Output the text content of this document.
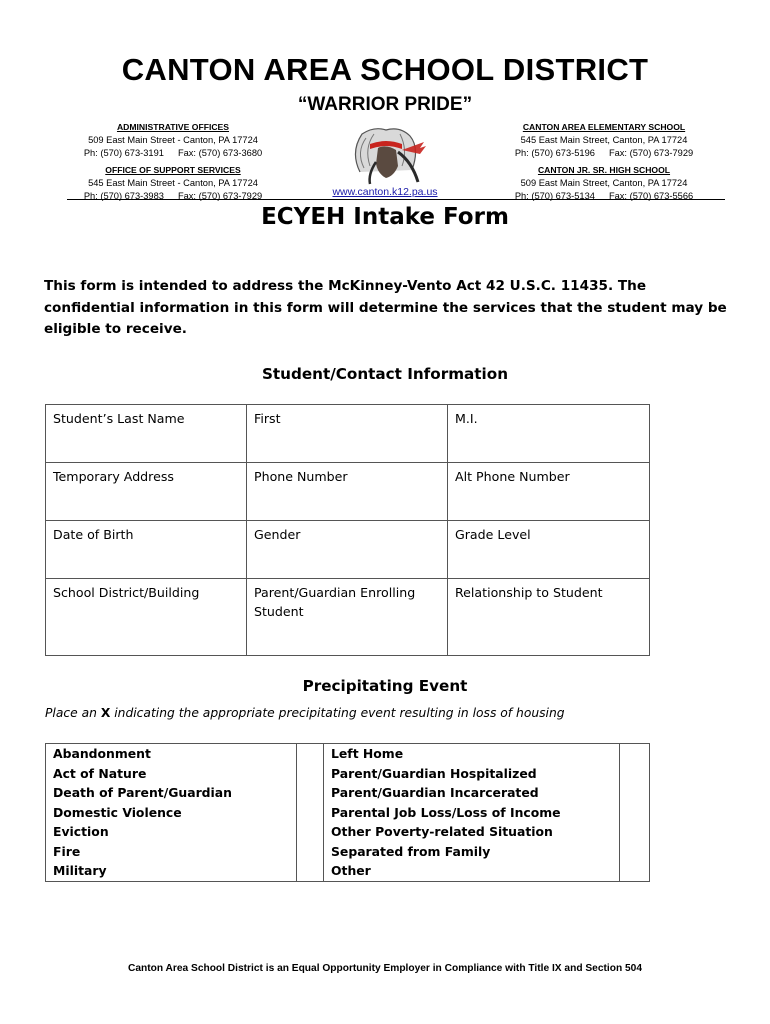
CANTON AREA SCHOOL DISTRICT

“WARRIOR PRIDE”

ADMINISTRATIVE OFFICES
509 East Main Street - Canton, PA 17724
Ph: (570) 673-3191 Fax: (570) 673-3680
OFFICE OF SUPPORT SERVICES
545 East Main Street - Canton, PA 17724
Ph: (570) 673-3983 Fax: (570) 673-7929
CANTON AREA ELEMENTARY SCHOOL
545 East Main Street, Canton, PA 17724
Ph: (570) 673-5196 Fax: (570) 673-7929
CANTON JR. SR. HIGH SCHOOL
509 East Main Street, Canton, PA 17724
Ph: (570) 673-5134 Fax: (570) 673-5566
www.canton.k12.pa.us
ECYEH Intake Form

This form is intended to address the McKinney-Vento Act 42 U.S.C. 11435. The confidential information in this form will determine the services that the student may be eligible to receive.

Student/Contact Information
Student’s Last Name	First	M.I.
Temporary Address	Phone Number	Alt Phone Number
Date of Birth	Gender	Grade Level
School District/Building	Parent/Guardian Enrolling Student	Relationship to Student
Precipitating Event

Place an X indicating the appropriate precipitating event resulting in loss of housing

Abandonment		Left Home	
Act of Nature		Parent/Guardian Hospitalized	
Death of Parent/Guardian		Parent/Guardian Incarcerated	
Domestic Violence		Parental Job Loss/Loss of Income	
Eviction		Other Poverty-related Situation	
Fire		Separated from Family	
Military		Other	

Canton Area School District is an Equal Opportunity Employer in Compliance with Title IX and Section 504
